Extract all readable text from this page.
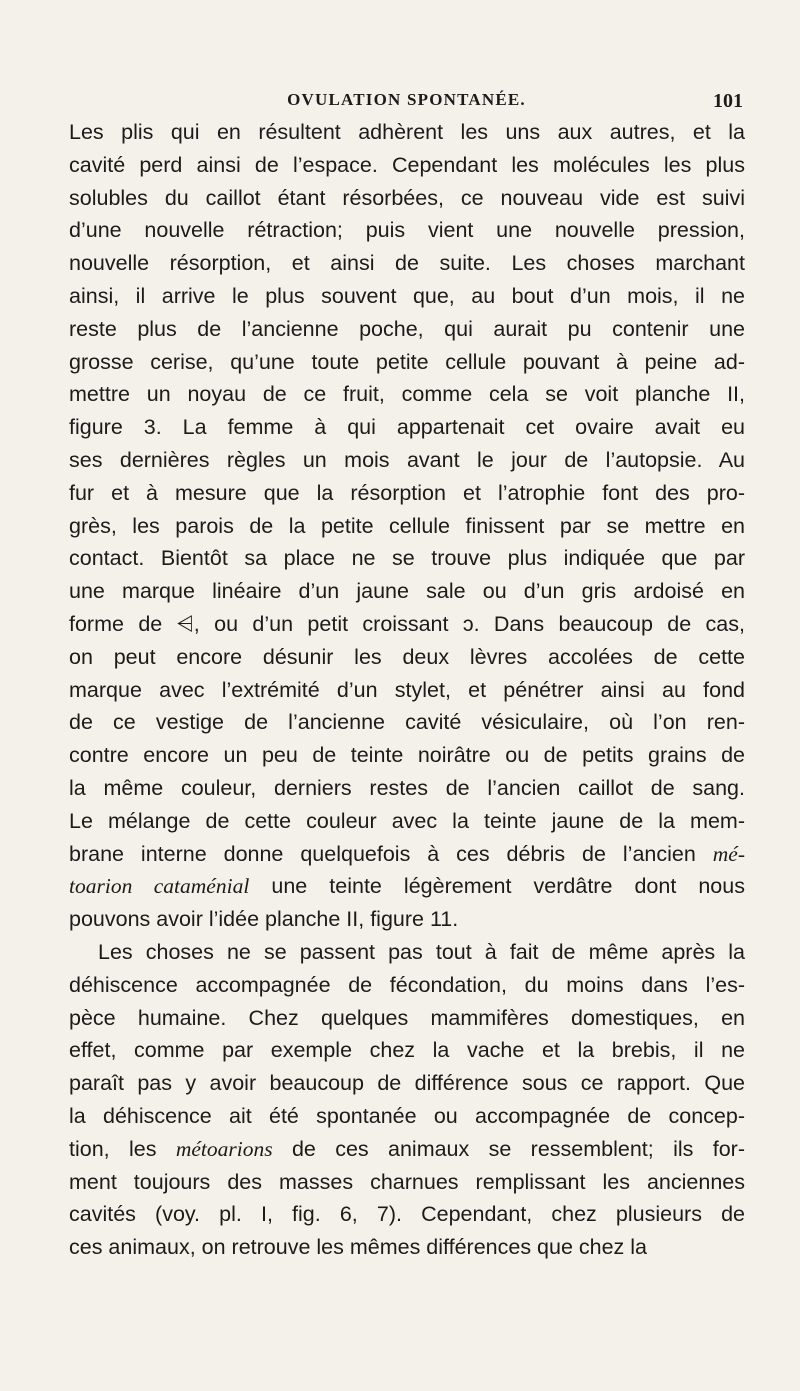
OVULATION SPONTANÉE.	101
Les plis qui en résultent adhèrent les uns aux autres, et la
cavité perd ainsi de l’espace. Cependant les molécules les plus
solubles du caillot étant résorbées, ce nouveau vide est suivi
d’une nouvelle rétraction; puis vient une nouvelle pression,
nouvelle résorption, et ainsi de suite. Les choses marchant
ainsi, il arrive le plus souvent que, au bout d’un mois, il ne
reste plus de l’ancienne poche, qui aurait pu contenir une
grosse cerise, qu’une toute petite cellule pouvant à peine ad-
mettre un noyau de ce fruit, comme cela se voit planche II,
figure 3. La femme à qui appartenait cet ovaire avait eu
ses dernières règles un mois avant le jour de l’autopsie. Au
fur et à mesure que la résorption et l’atrophie font des pro-
grès, les parois de la petite cellule finissent par se mettre en
contact. Bientôt sa place ne se trouve plus indiquée que par
une marque linéaire d’un jaune sale ou d’un gris ardoisé en
forme de ⩤, ou d’un petit croissant ↄ. Dans beaucoup de cas,
on peut encore désunir les deux lèvres accolées de cette
marque avec l’extrémité d’un stylet, et pénétrer ainsi au fond
de ce vestige de l’ancienne cavité vésiculaire, où l’on ren-
contre encore un peu de teinte noirâtre ou de petits grains de
la même couleur, derniers restes de l’ancien caillot de sang.
Le mélange de cette couleur avec la teinte jaune de la mem-
brane interne donne quelquefois à ces débris de l’ancien mé-
toarion cataménial une teinte légèrement verdâtre dont nous
pouvons avoir l’idée planche II, figure 11.
Les choses ne se passent pas tout à fait de même après la
déhiscence accompagnée de fécondation, du moins dans l’es-
pèce humaine. Chez quelques mammifères domestiques, en
effet, comme par exemple chez la vache et la brebis, il ne
paraît pas y avoir beaucoup de différence sous ce rapport. Que
la déhiscence ait été spontanée ou accompagnée de concep-
tion, les métoarions de ces animaux se ressemblent; ils for-
ment toujours des masses charnues remplissant les anciennes
cavités (voy. pl. I, fig. 6, 7). Cependant, chez plusieurs de
ces animaux, on retrouve les mêmes différences que chez la
